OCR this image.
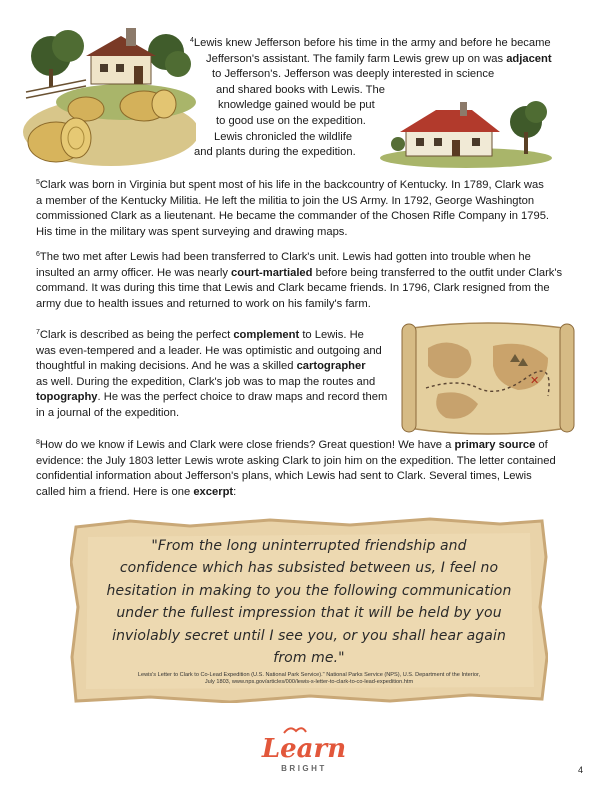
$^4$Lewis knew Jefferson before his time in the army and before he became
Jefferson's assistant. The family farm Lewis grew up on was adjacent
to Jefferson's. Jefferson was deeply interested in science
and shared books with Lewis. The
knowledge gained would be put
to good use on the expedition.
Lewis chronicled the wildlife
and plants during the expedition.
$^5$Clark was born in Virginia but spent most of his life in the backcountry of Kentucky. In 1789, Clark was
a member of the Kentucky Militia. He left the militia to join the US Army. In 1792, George Washington
commissioned Clark as a lieutenant. He became the commander of the Chosen Rifle Company in 1795.
His time in the military was spent surveying and drawing maps.
$^6$The two met after Lewis had been transferred to Clark's unit. Lewis had gotten into trouble when he
insulted an army officer. He was nearly court-martialed before being transferred to the outfit under Clark's
command. It was during this time that Lewis and Clark became friends. In 1796, Clark resigned from the
army due to health issues and returned to work on his family's farm.
✕
$^7$Clark is described as being the perfect complement to Lewis. He
was even-tempered and a leader. He was optimistic and outgoing and
thoughtful in making decisions. And he was a skilled cartographer
as well. During the expedition, Clark's job was to map the routes and
topography. He was the perfect choice to draw maps and record them
in a journal of the expedition.
$^8$How do we know if Lewis and Clark were close friends? Great question! We have a primary source of
evidence: the July 1803 letter Lewis wrote asking Clark to join him on the expedition. The letter contained
confidential information about Jefferson's plans, which Lewis had sent to Clark. Several times, Lewis
called him a friend. Here is one excerpt:
"From the long uninterrupted friendship and
confidence which has subsisted between us, I feel no
hesitation in making to you the following communication
under the fullest impression that it will be held by you
inviolably secret until I see you, or you shall hear again
from me."
Lewis's Letter to Clark to Co-Lead Expedition (U.S. National Park Service)." National Parks Service (NPS), U.S. Department of the Interior,
July 1803, www.nps.gov/articles/000/lewis-s-letter-to-clark-to-co-lead-expedition.htm
Learn
BRIGHT	4
